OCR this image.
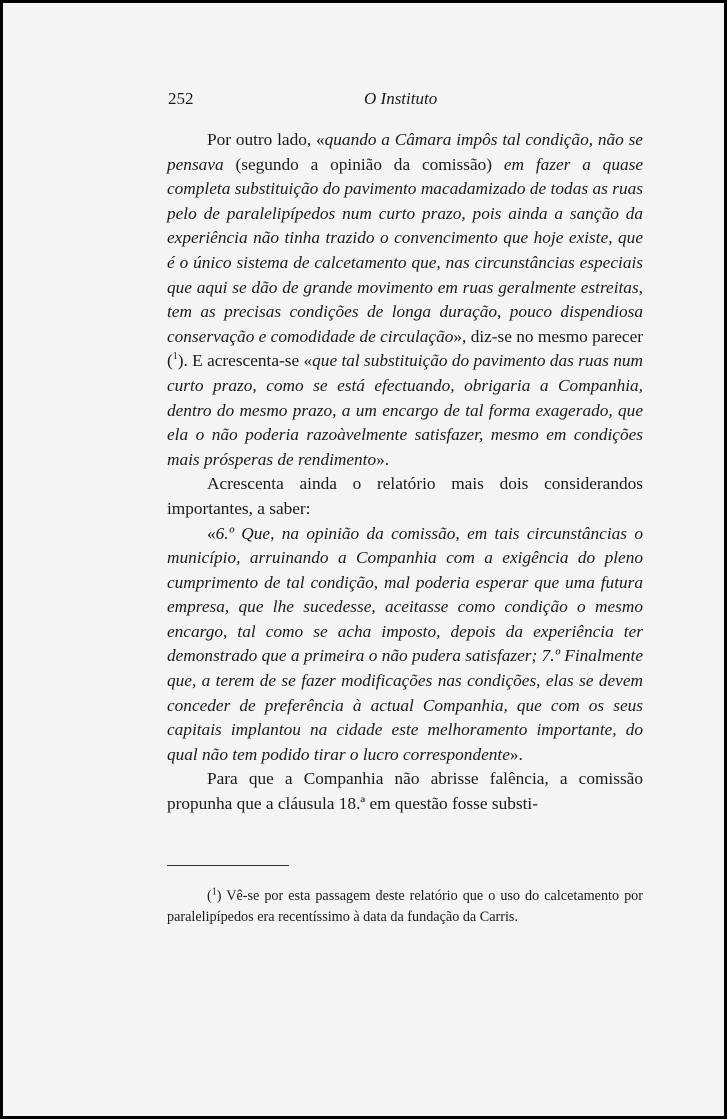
252	O Instituto

Por outro lado, «quando a Câmara impôs tal condição, não se pensava (segundo a opinião da comissão) em fazer a quase completa substituição do pavimento macadamizado de todas as ruas pelo de paralelipípedos num curto prazo, pois ainda a sanção da experiência não tinha trazido o convencimento que hoje existe, que é o único sistema de calcetamento que, nas circunstâncias especiais que aqui se dão de grande movimento em ruas geralmente estreitas, tem as precisas condições de longa duração, pouco dispendiosa conservação e comodidade de circulação», diz-se no mesmo parecer ($^1$). E acrescenta-se «que tal substituição do pavimento das ruas num curto prazo, como se está efectuando, obrigaria a Companhia, dentro do mesmo prazo, a um encargo de tal forma exagerado, que ela o não poderia razoàvelmente satisfazer, mesmo em condições mais prósperas de rendimento».

Acrescenta ainda o relatório mais dois considerandos importantes, a saber:

«6.º Que, na opinião da comissão, em tais circunstâncias o município, arruinando a Companhia com a exigência do pleno cumprimento de tal condição, mal poderia esperar que uma futura empresa, que lhe sucedesse, aceitasse como condição o mesmo encargo, tal como se acha imposto, depois da experiência ter demonstrado que a primeira o não pudera satisfazer; 7.º Finalmente que, a terem de se fazer modificações nas condições, elas se devem conceder de preferência à actual Companhia, que com os seus capitais implantou na cidade este melhoramento importante, do qual não tem podido tirar o lucro correspondente».

Para que a Companhia não abrisse falência, a comissão propunha que a cláusula 18.ª em questão fosse substi-

($^1$) Vê-se por esta passagem deste relatório que o uso do calcetamento por paralelipípedos era recentíssimo à data da fundação da Carris.
